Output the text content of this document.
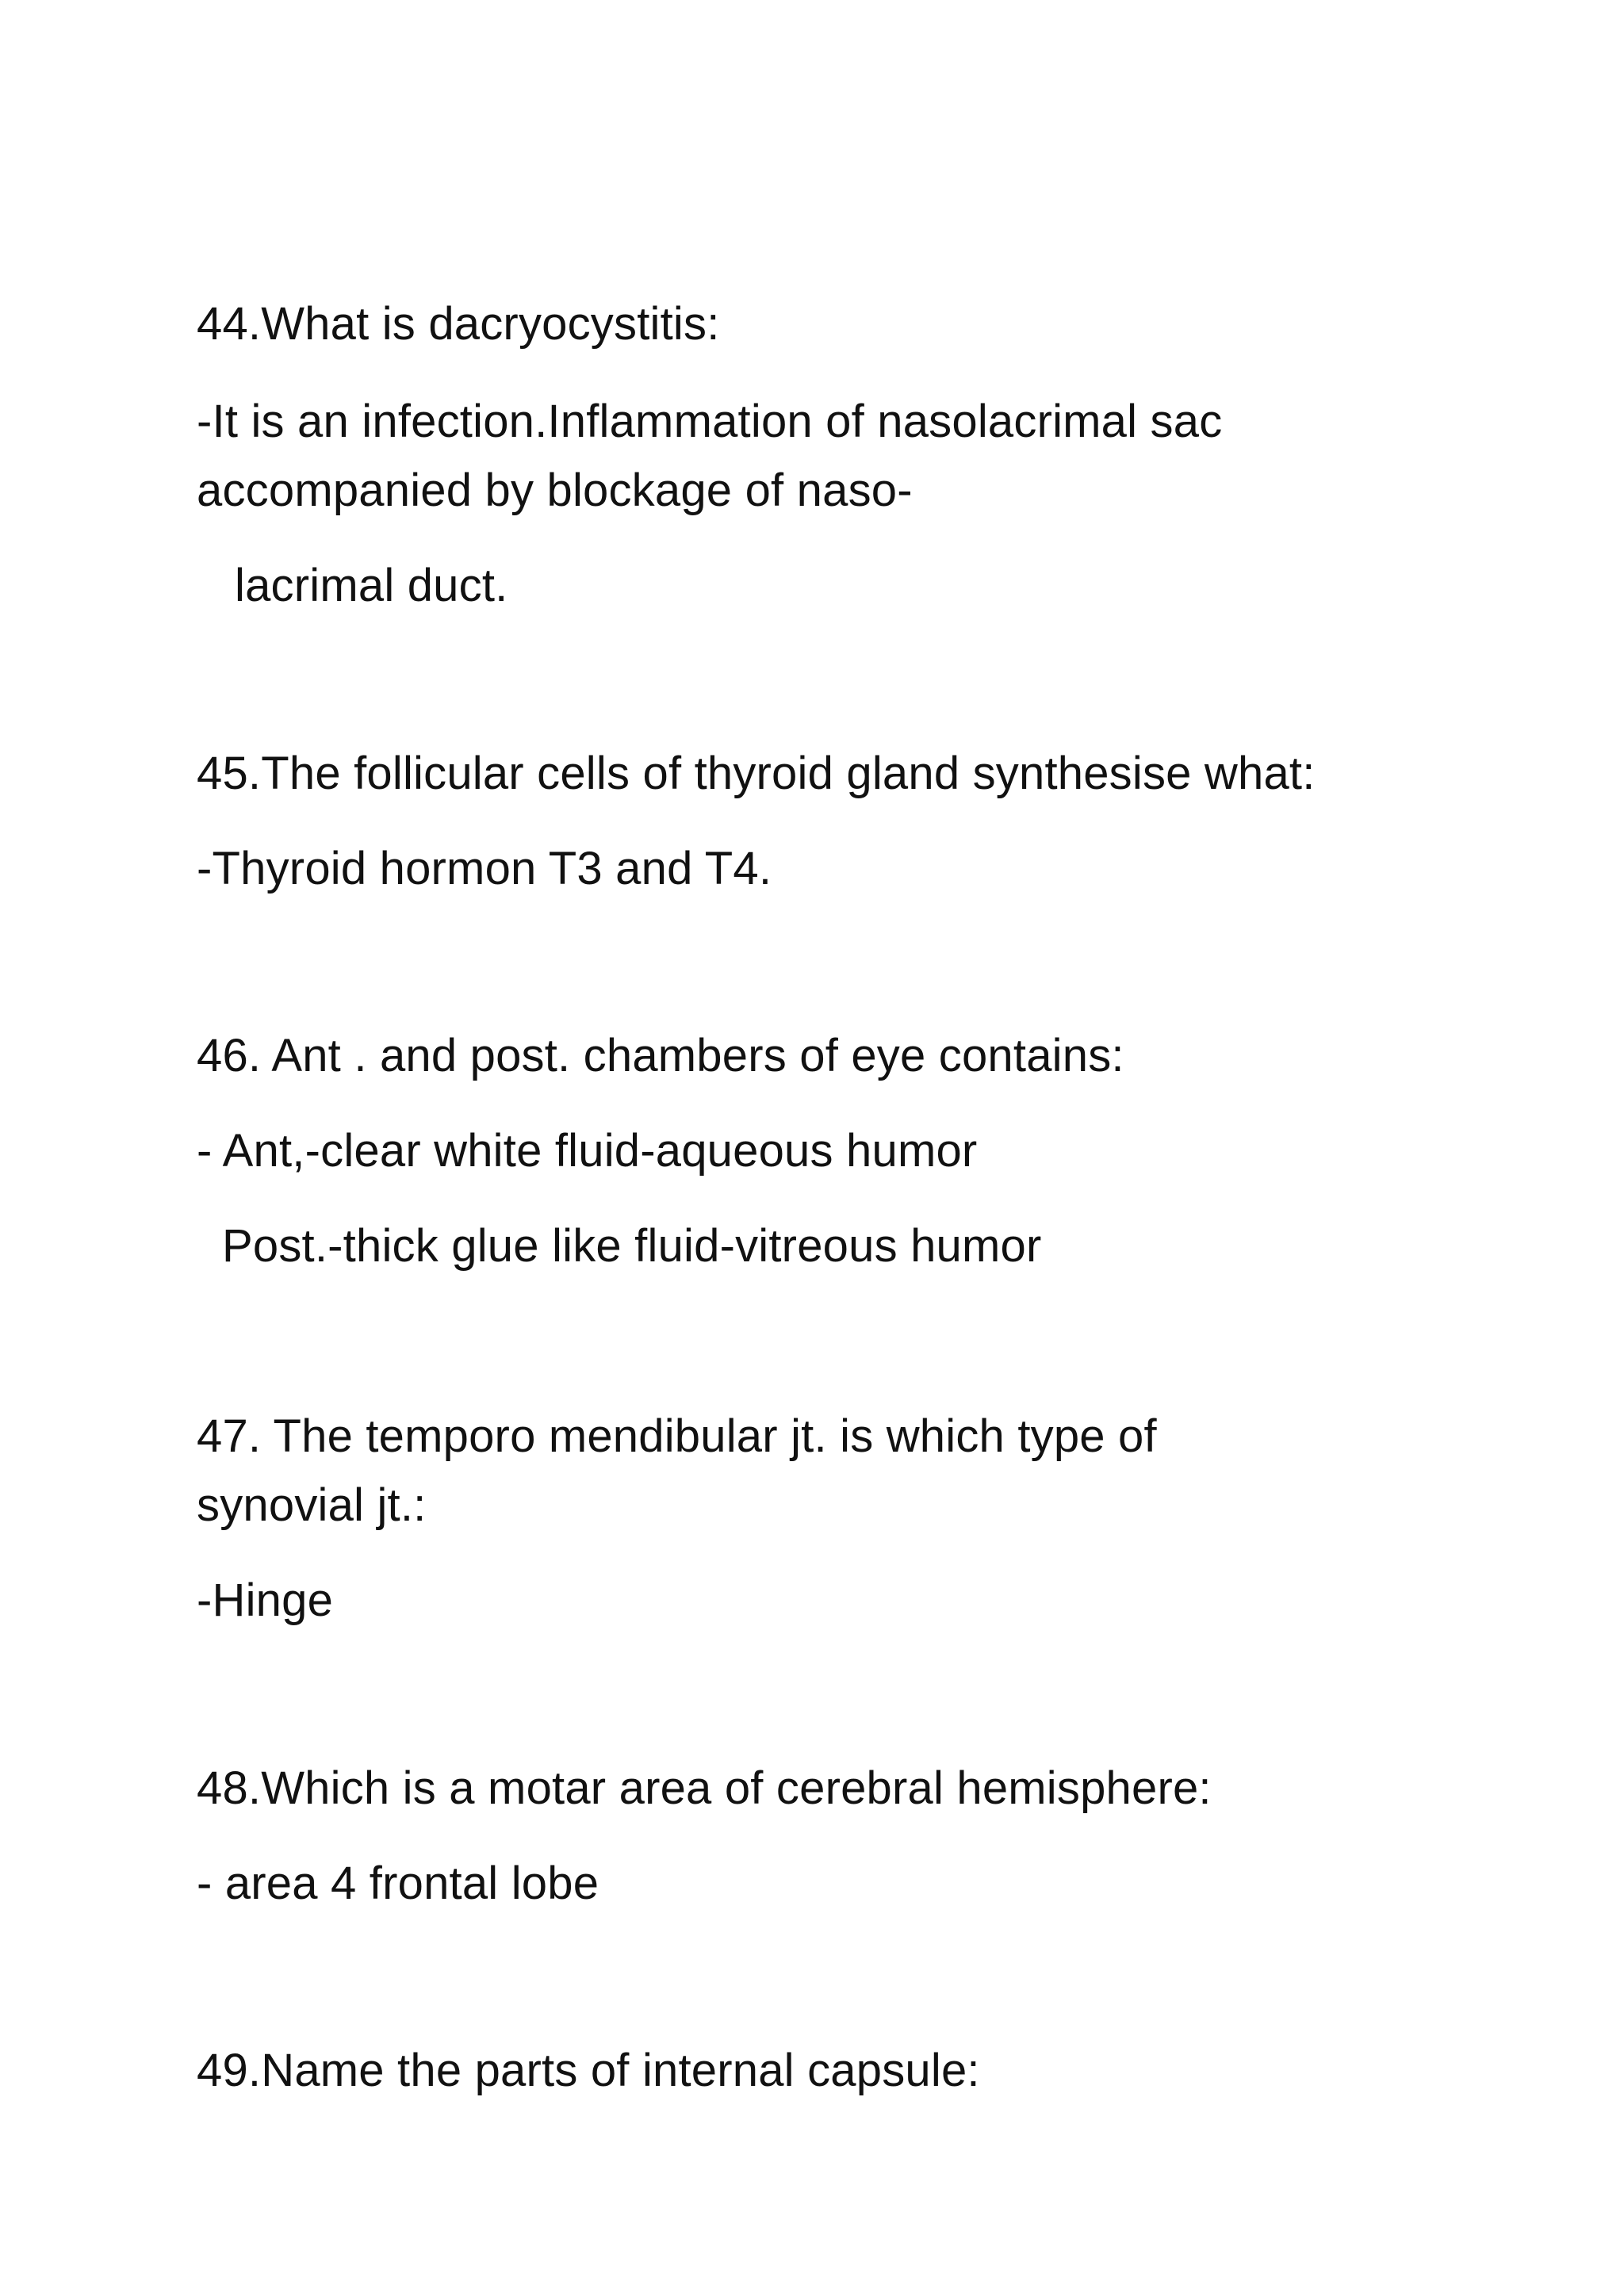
44.What is dacryocystitis:
-It is an infection.Inflammation of nasolacrimal sac
accompanied by blockage of naso-
lacrimal duct.
45.The follicular cells of thyroid gland synthesise what:
-Thyroid hormon T3 and T4.
46. Ant . and post. chambers of eye contains:
- Ant,-clear white fluid-aqueous humor
Post.-thick glue like fluid-vitreous humor
47. The temporo mendibular jt. is which type of
synovial jt.:
-Hinge
48.Which is a motar area of cerebral hemisphere:
- area 4 frontal lobe
49.Name the parts of internal capsule:
